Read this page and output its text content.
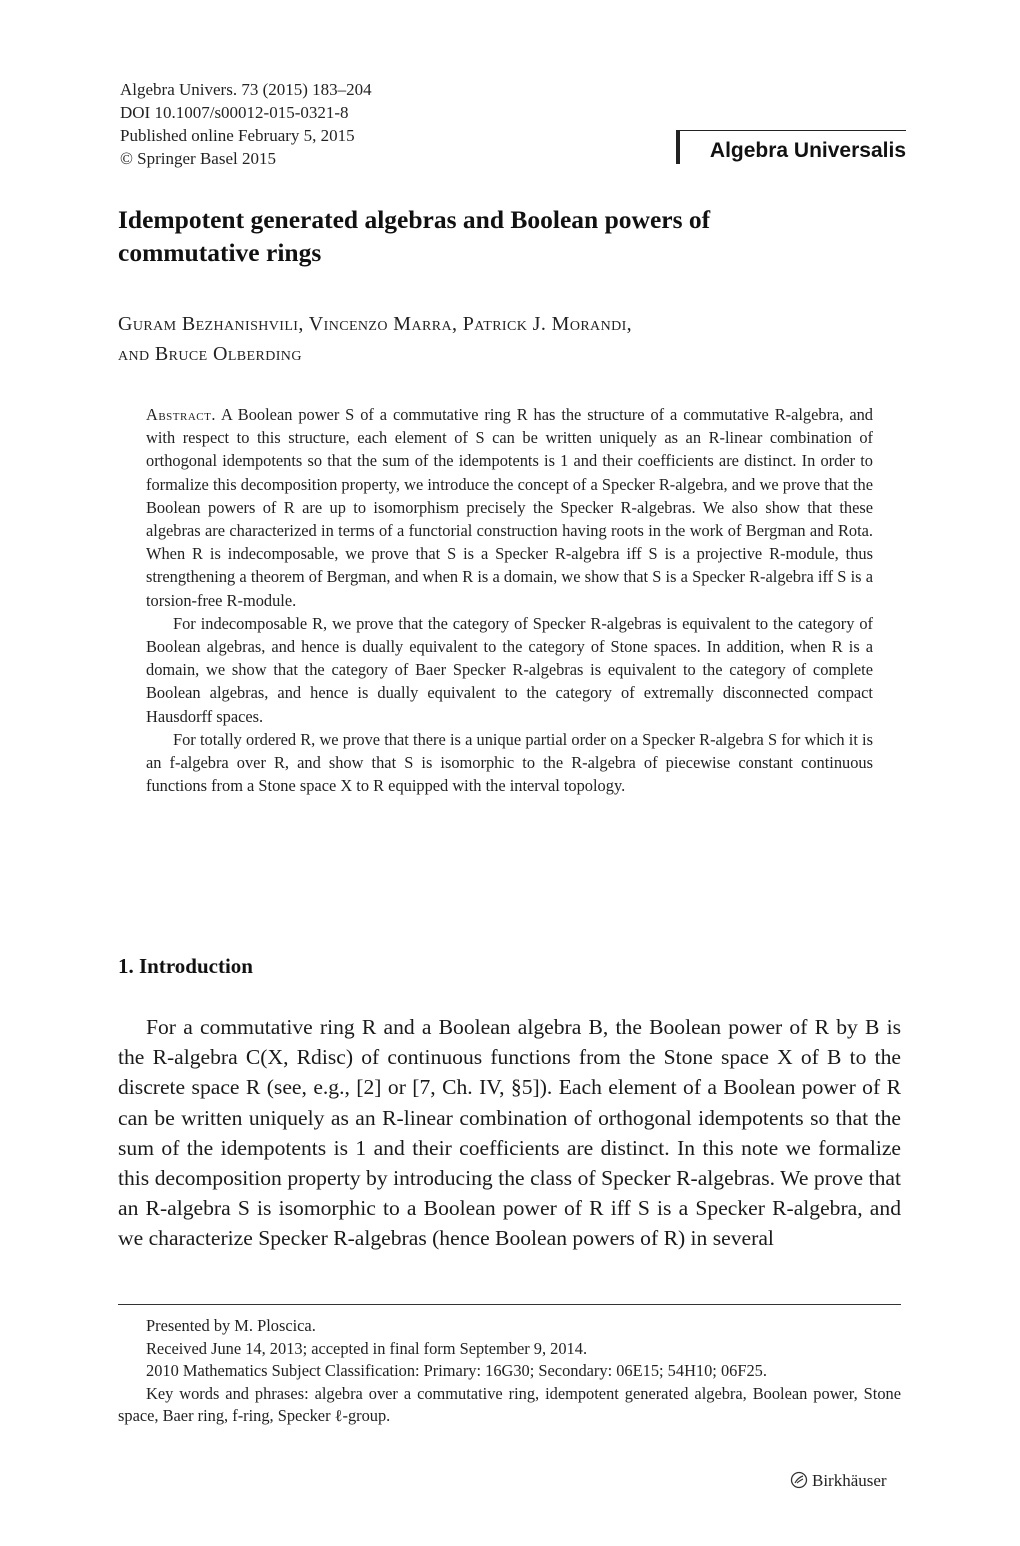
Algebra Univers. 73 (2015) 183–204
DOI 10.1007/s00012-015-0321-8
Published online February 5, 2015
© Springer Basel 2015	Algebra Universalis
Idempotent generated algebras and Boolean powers of
commutative rings
Guram Bezhanishvili, Vincenzo Marra, Patrick J. Morandi,
and Bruce Olberding

Abstract. A Boolean power S of a commutative ring R has the structure of a commutative R-algebra, and with respect to this structure, each element of S can be written uniquely as an R-linear combination of orthogonal idempotents so that the sum of the idempotents is 1 and their coefficients are distinct. In order to formalize this decomposition property, we introduce the concept of a Specker R-algebra, and we prove that the Boolean powers of R are up to isomorphism precisely the Specker R-algebras. We also show that these algebras are characterized in terms of a functorial construction having roots in the work of Bergman and Rota. When R is indecomposable, we prove that S is a Specker R-algebra iff S is a projective R-module, thus strengthening a theorem of Bergman, and when R is a domain, we show that S is a Specker R-algebra iff S is a torsion-free R-module.

For indecomposable R, we prove that the category of Specker R-algebras is equivalent to the category of Boolean algebras, and hence is dually equivalent to the category of Stone spaces. In addition, when R is a domain, we show that the category of Baer Specker R-algebras is equivalent to the category of complete Boolean algebras, and hence is dually equivalent to the category of extremally disconnected compact Hausdorff spaces.

For totally ordered R, we prove that there is a unique partial order on a Specker R-algebra S for which it is an f-algebra over R, and show that S is isomorphic to the R-algebra of piecewise constant continuous functions from a Stone space X to R equipped with the interval topology.

1. Introduction

For a commutative ring R and a Boolean algebra B, the Boolean power of R by B is the R-algebra C(X, Rdisc) of continuous functions from the Stone space X of B to the discrete space R (see, e.g., [2] or [7, Ch. IV, §5]). Each element of a Boolean power of R can be written uniquely as an R-linear combination of orthogonal idempotents so that the sum of the idempotents is 1 and their coefficients are distinct. In this note we formalize this decomposition property by introducing the class of Specker R-algebras. We prove that an R-algebra S is isomorphic to a Boolean power of R iff S is a Specker R-algebra, and we characterize Specker R-algebras (hence Boolean powers of R) in several

Presented by M. Ploscica.

Received June 14, 2013; accepted in final form September 9, 2014.

2010 Mathematics Subject Classification: Primary: 16G30; Secondary: 06E15; 54H10; 06F25.

Key words and phrases: algebra over a commutative ring, idempotent generated algebra, Boolean power, Stone space, Baer ring, f-ring, Specker ℓ-group.

Birkhäuser
